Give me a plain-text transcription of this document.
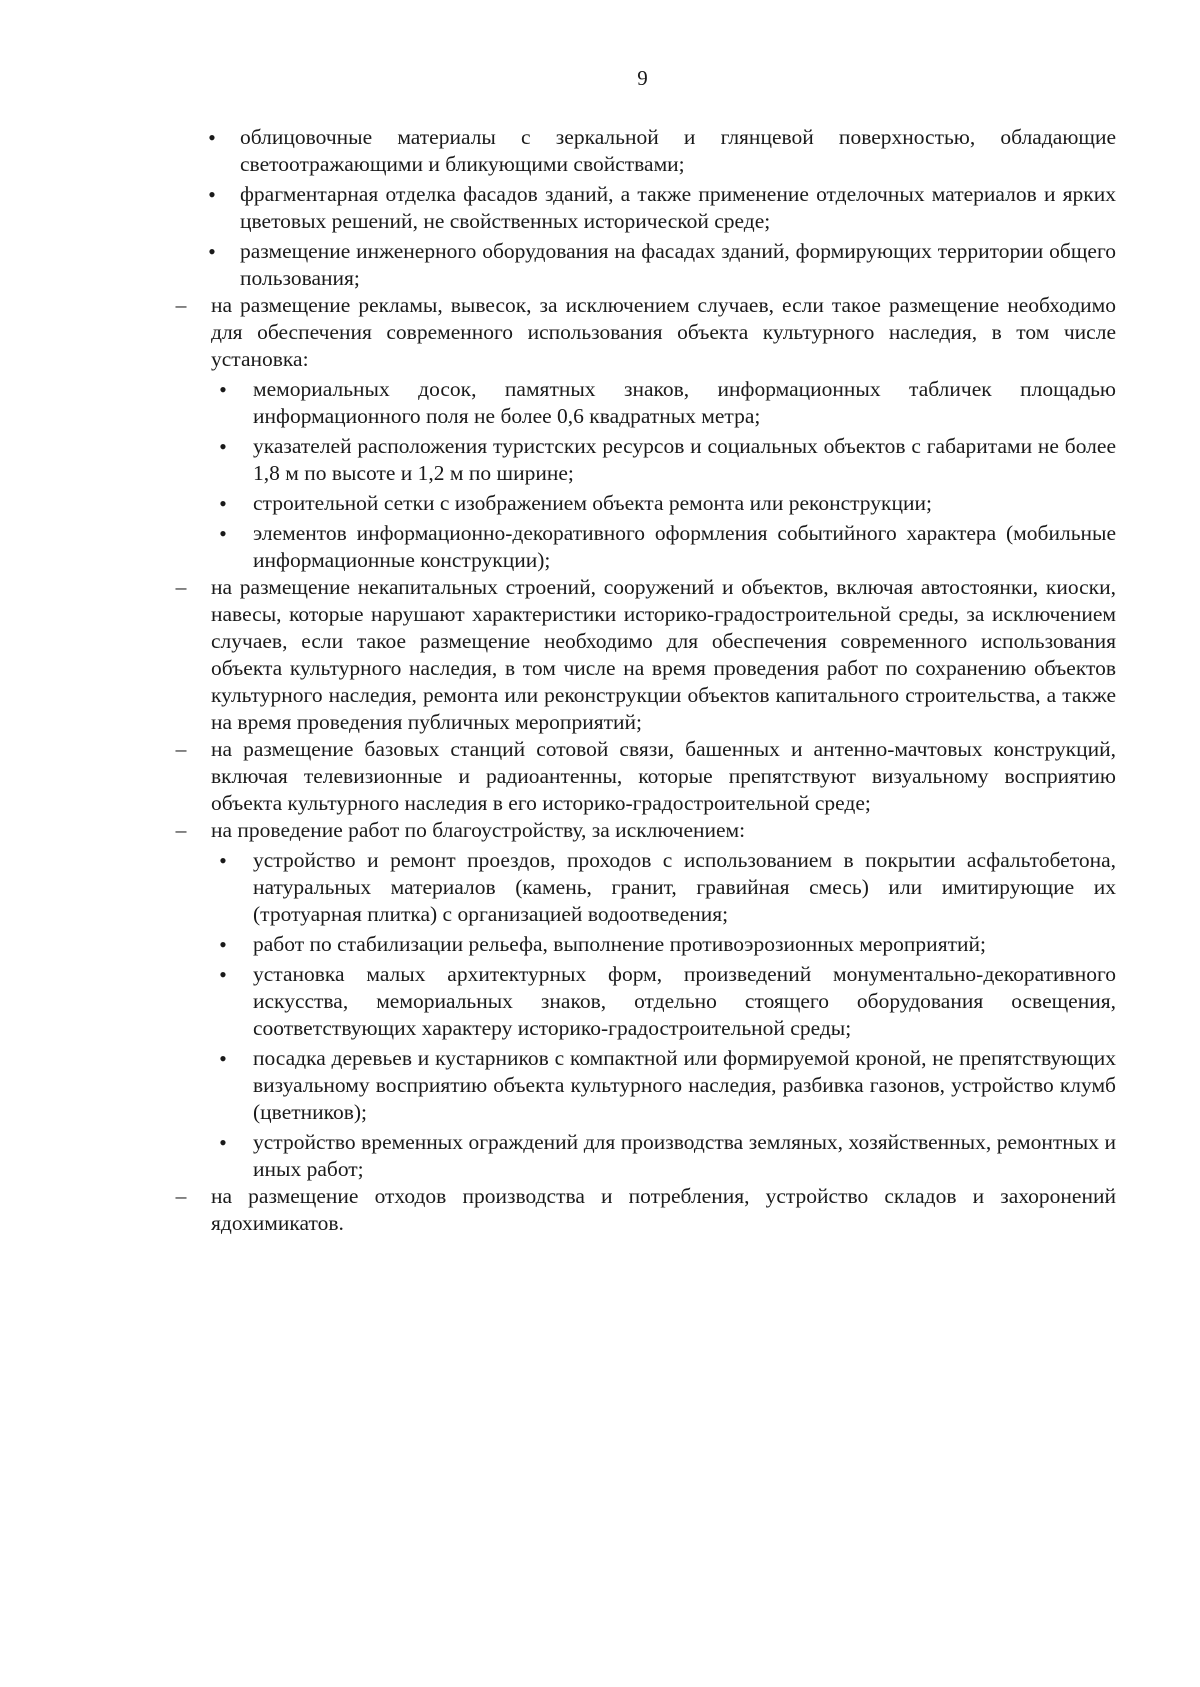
9

• облицовочные материалы с зеркальной и глянцевой поверхностью, обладающие светоотражающими и бликующими свойствами;

• фрагментарная отделка фасадов зданий, а также применение отделочных материалов и ярких цветовых решений, не свойственных исторической среде;

• размещение инженерного оборудования на фасадах зданий, формирующих территории общего пользования;

– на размещение рекламы, вывесок, за исключением случаев, если такое размещение необходимо для обеспечения современного использования объекта культурного наследия, в том числе установка:

• мемориальных досок, памятных знаков, информационных табличек площадью информационного поля не более 0,6 квадратных метра;

• указателей расположения туристских ресурсов и социальных объектов с габаритами не более 1,8 м по высоте и 1,2 м по ширине;

• строительной сетки с изображением объекта ремонта или реконструкции;

• элементов информационно-декоративного оформления событийного характера (мобильные информационные конструкции);

– на размещение некапитальных строений, сооружений и объектов, включая автостоянки, киоски, навесы, которые нарушают характеристики историко-градостроительной среды, за исключением случаев, если такое размещение необходимо для обеспечения современного использования объекта культурного наследия, в том числе на время проведения работ по сохранению объектов культурного наследия, ремонта или реконструкции объектов капитального строительства, а также на время проведения публичных мероприятий;

– на размещение базовых станций сотовой связи, башенных и антенно-мачтовых конструкций, включая телевизионные и радиоантенны, которые препятствуют визуальному восприятию объекта культурного наследия в его историко-градостроительной среде;

– на проведение работ по благоустройству, за исключением:

• устройство и ремонт проездов, проходов с использованием в покрытии асфальтобетона, натуральных материалов (камень, гранит, гравийная смесь) или имитирующие их (тротуарная плитка) с организацией водоотведения;

• работ по стабилизации рельефа, выполнение противоэрозионных мероприятий;

• установка малых архитектурных форм, произведений монументально-декоративного искусства, мемориальных знаков, отдельно стоящего оборудования освещения, соответствующих характеру историко-градостроительной среды;

• посадка деревьев и кустарников с компактной или формируемой кроной, не препятствующих визуальному восприятию объекта культурного наследия, разбивка газонов, устройство клумб (цветников);

• устройство временных ограждений для производства земляных, хозяйственных, ремонтных и иных работ;

– на размещение отходов производства и потребления, устройство складов и захоронений ядохимикатов.
